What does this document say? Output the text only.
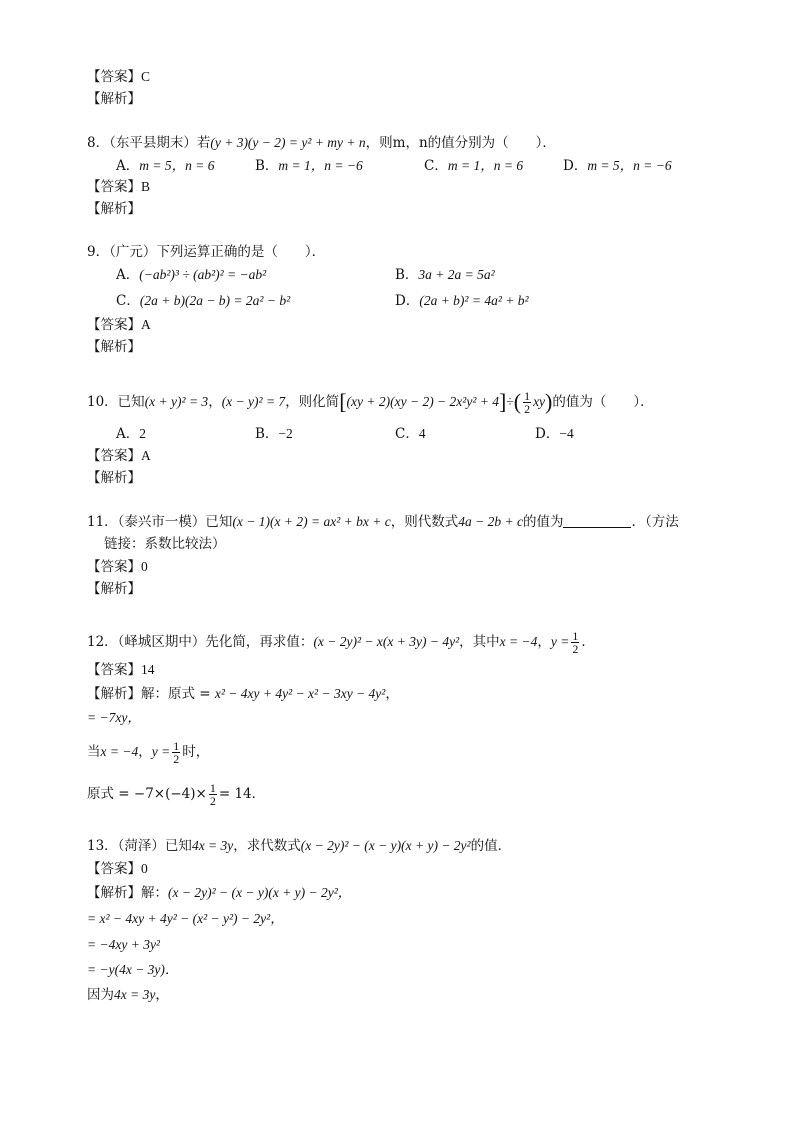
【答案】C
【解析】
8．（东平县期末）若(y + 3)(y − 2) = y² + my + n，则m，n的值分别为（　　）．
A．m = 5，n = 6	B．m = 1，n = −6	C．m = 1，n = 6	D．m = 5，n = −6
【答案】B
【解析】
9．（广元）下列运算正确的是（　　）．
A．(−ab²)³ ÷ (ab²)² = −ab²	B．3a + 2a = 5a²
C．(2a + b)(2a − b) = 2a² − b²	D．(2a + b)² = 4a² + b²
【答案】A
【解析】
10．已知(x + y)² = 3，(x − y)² = 7，则化简$[(xy + 2)(xy - 2) - 2x^2y^2 + 4]\div( \frac{1}{2} xy)$的值为（　　）．
A．2	B．−2	C．4	D．−4
【答案】A
【解析】
11．（泰兴市一模）已知(x − 1)(x + 2) = ax² + bx + c，则代数式4a − 2b + c的值为	．（方法
链接：系数比较法）
【答案】0
【解析】
12．（峄城区期中）先化简，再求值：(x − 2y)² − x(x + 3y) − 4y²，其中x = −4，$y = \frac{1}{2}$ ．
【答案】14
【解析】解：原式 = x² − 4xy + 4y² − x² − 3xy − 4y²，
= −7xy，
当x = −4，$y = \frac{1}{2}$ 时，
原式 = $-7\times(-4)\times \frac{1}{2} = 14$．
13．（菏泽）已知4x = 3y，求代数式(x − 2y)² − (x − y)(x + y) − 2y²的值．
【答案】0
【解析】解：(x − 2y)² − (x − y)(x + y) − 2y²，
= x² − 4xy + 4y² − (x² − y²) − 2y²，
= −4xy + 3y²
= −y(4x − 3y)．
因为4x = 3y，
